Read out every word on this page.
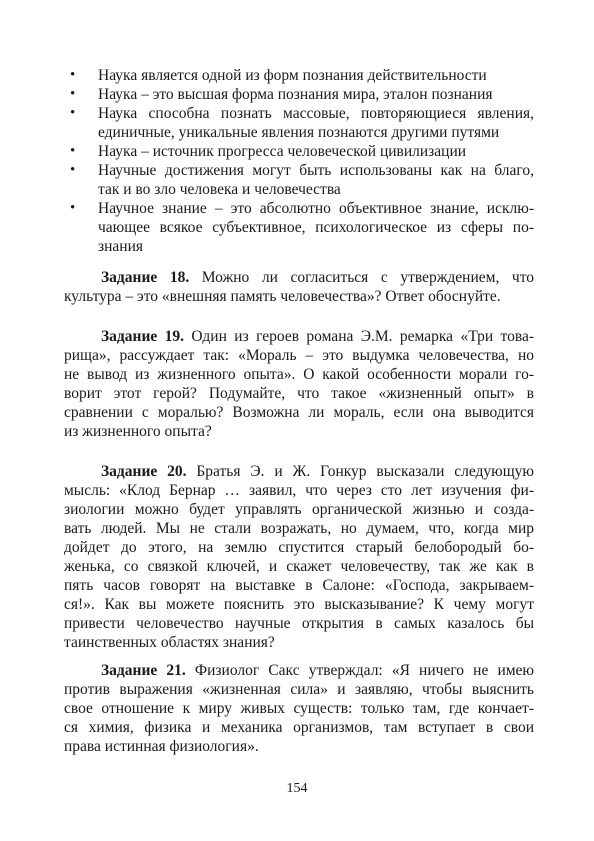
• Наука является одной из форм познания действительности
• Наука – это высшая форма познания мира, эталон познания
• Наука способна познать массовые, повторяющиеся явления,
единичные, уникальные явления познаются другими путями
• Наука – источник прогресса человеческой цивилизации
• Научные достижения могут быть использованы как на благо,
так и во зло человека и человечества
• Научное знание – это абсолютно объективное знание, исклю-
чающее всякое субъективное, психологическое из сферы по-
знания
Задание 18. Можно ли согласиться с утверждением, что
культура – это «внешняя память человечества»? Ответ обоснуйте.
Задание 19. Один из героев романа Э.М. ремарка «Три това-
рища», рассуждает так: «Мораль – это выдумка человечества, но
не вывод из жизненного опыта». О какой особенности морали го-
ворит этот герой? Подумайте, что такое «жизненный опыт» в
сравнении с моралью? Возможна ли мораль, если она выводится
из жизненного опыта?
Задание 20. Братья Э. и Ж. Гонкур высказали следующую
мысль: «Клод Бернар … заявил, что через сто лет изучения фи-
зиологии можно будет управлять органической жизнью и созда-
вать людей. Мы не стали возражать, но думаем, что, когда мир
дойдет до этого, на землю спустится старый белобородый бо-
женька, со связкой ключей, и скажет человечеству, так же как в
пять часов говорят на выставке в Салоне: «Господа, закрываем-
ся!». Как вы можете пояснить это высказывание? К чему могут
привести человечество научные открытия в самых казалось бы
таинственных областях знания?
Задание 21. Физиолог Сакс утверждал: «Я ничего не имею
против выражения «жизненная сила» и заявляю, чтобы выяснить
свое отношение к миру живых существ: только там, где кончает-
ся химия, физика и механика организмов, там вступает в свои
права истинная физиология».
154
